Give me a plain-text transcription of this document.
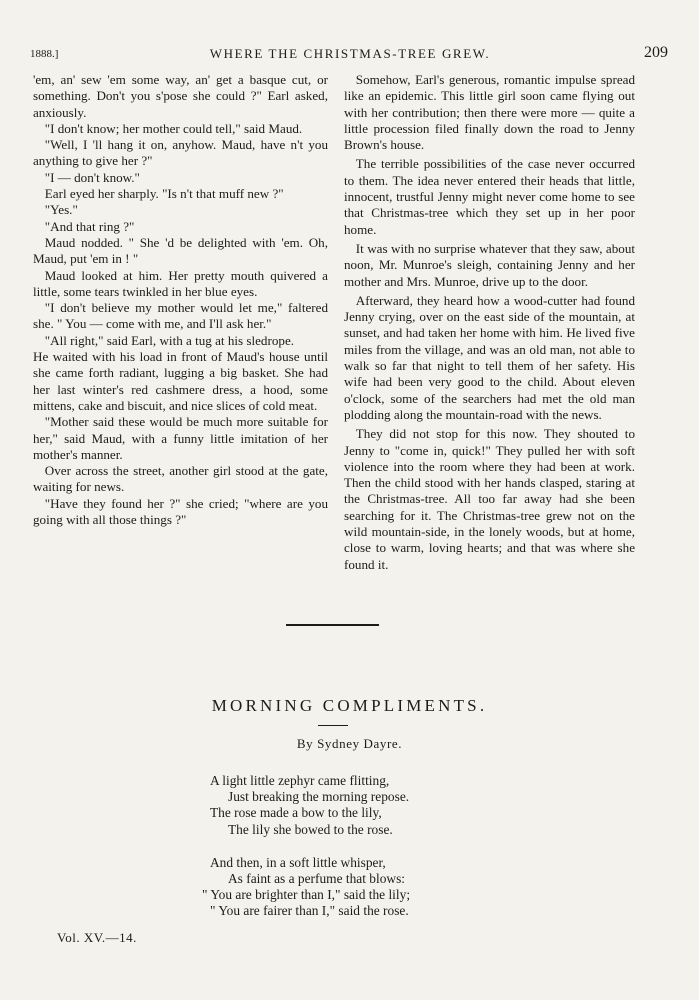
1888.]	WHERE THE CHRISTMAS-TREE GREW.	209

'em, an' sew 'em some way, an' get a basque cut, or something. Don't you s'pose she could ?" Earl asked, anxiously.

"I don't know; her mother could tell," said Maud.

"Well, I 'll hang it on, anyhow. Maud, have n't you anything to give her ?"

"I — don't know."

Earl eyed her sharply. "Is n't that muff new ?"

"Yes."

"And that ring ?"

Maud nodded. " She 'd be delighted with 'em. Oh, Maud, put 'em in ! "

Maud looked at him. Her pretty mouth quivered a little, some tears twinkled in her blue eyes.

"I don't believe my mother would let me," faltered she. " You — come with me, and I'll ask her."

"All right," said Earl, with a tug at his sledrope.

He waited with his load in front of Maud's house until she came forth radiant, lugging a big basket. She had her last winter's red cashmere dress, a hood, some mittens, cake and biscuit, and nice slices of cold meat.

"Mother said these would be much more suitable for her," said Maud, with a funny little imitation of her mother's manner.

Over across the street, another girl stood at the gate, waiting for news.

"Have they found her ?" she cried; "where are you going with all those things ?"

Somehow, Earl's generous, romantic impulse spread like an epidemic. This little girl soon came flying out with her contribution; then there were more — quite a little procession filed finally down the road to Jenny Brown's house.

The terrible possibilities of the case never occurred to them. The idea never entered their heads that little, innocent, trustful Jenny might never come home to see that Christmas-tree which they set up in her poor home.

It was with no surprise whatever that they saw, about noon, Mr. Munroe's sleigh, containing Jenny and her mother and Mrs. Munroe, drive up to the door.

Afterward, they heard how a wood-cutter had found Jenny crying, over on the east side of the mountain, at sunset, and had taken her home with him. He lived five miles from the village, and was an old man, not able to walk so far that night to tell them of her safety. His wife had been very good to the child. About eleven o'clock, some of the searchers had met the old man plodding along the mountain-road with the news.

They did not stop for this now. They shouted to Jenny to "come in, quick!" They pulled her with soft violence into the room where they had been at work. Then the child stood with her hands clasped, staring at the Christmas-tree. All too far away had she been searching for it. The Christmas-tree grew not on the wild mountain-side, in the lonely woods, but at home, close to warm, loving hearts; and that was where she found it.

MORNING COMPLIMENTS.
By Sydney Dayre.
A light little zephyr came flitting,
Just breaking the morning repose.
The rose made a bow to the lily,
The lily she bowed to the rose.
And then, in a soft little whisper,
As faint as a perfume that blows:
" You are brighter than I," said the lily;
" You are fairer than I," said the rose.
Vol. XV.—14.
